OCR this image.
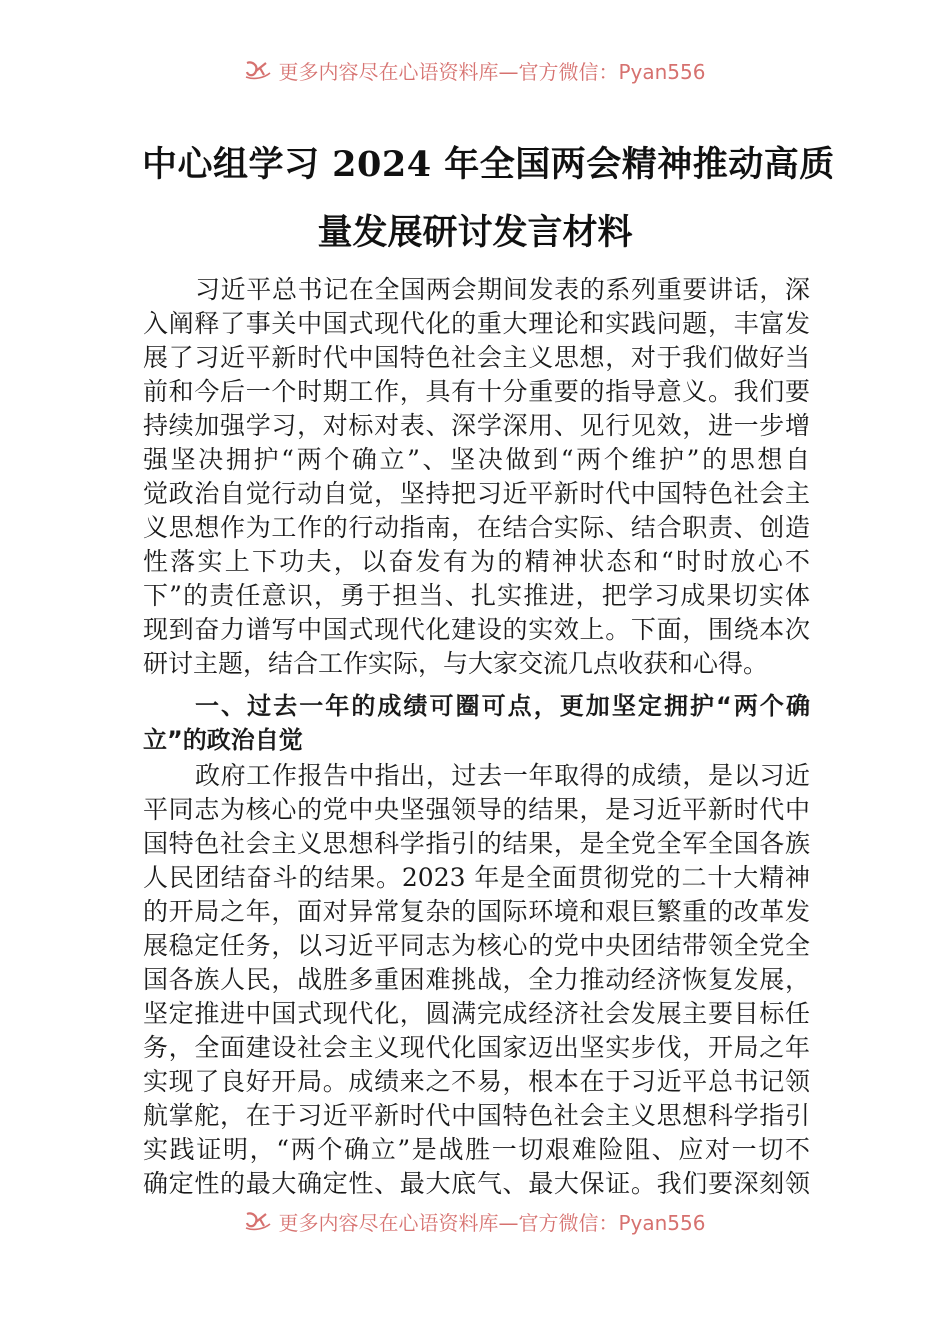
更多内容尽在心语资料库—官方微信：Pyan556
中心组学习 2024 年全国两会精神推动高质
量发展研讨发言材料
习近平总书记在全国两会期间发表的系列重要讲话，深
入阐释了事关中国式现代化的重大理论和实践问题，丰富发
展了习近平新时代中国特色社会主义思想，对于我们做好当
前和今后一个时期工作，具有十分重要的指导意义。我们要
持续加强学习，对标对表、深学深用、见行见效，进一步增
强坚决拥护“两个确立”、坚决做到“两个维护”的思想自
觉政治自觉行动自觉，坚持把习近平新时代中国特色社会主
义思想作为工作的行动指南，在结合实际、结合职责、创造
性落实上下功夫，以奋发有为的精神状态和“时时放心不
下”的责任意识，勇于担当、扎实推进，把学习成果切实体
现到奋力谱写中国式现代化建设的实效上。下面，围绕本次
研讨主题，结合工作实际，与大家交流几点收获和心得。
一、过去一年的成绩可圈可点，更加坚定拥护“两个确
立”的政治自觉
政府工作报告中指出，过去一年取得的成绩，是以习近
平同志为核心的党中央坚强领导的结果，是习近平新时代中
国特色社会主义思想科学指引的结果，是全党全军全国各族
人民团结奋斗的结果。2023 年是全面贯彻党的二十大精神
的开局之年，面对异常复杂的国际环境和艰巨繁重的改革发
展稳定任务，以习近平同志为核心的党中央团结带领全党全
国各族人民，战胜多重困难挑战，全力推动经济恢复发展，
坚定推进中国式现代化，圆满完成经济社会发展主要目标任
务，全面建设社会主义现代化国家迈出坚实步伐，开局之年
实现了良好开局。成绩来之不易，根本在于习近平总书记领
航掌舵，在于习近平新时代中国特色社会主义思想科学指引
实践证明，“两个确立”是战胜一切艰难险阻、应对一切不
确定性的最大确定性、最大底气、最大保证。我们要深刻领
更多内容尽在心语资料库—官方微信：Pyan556
